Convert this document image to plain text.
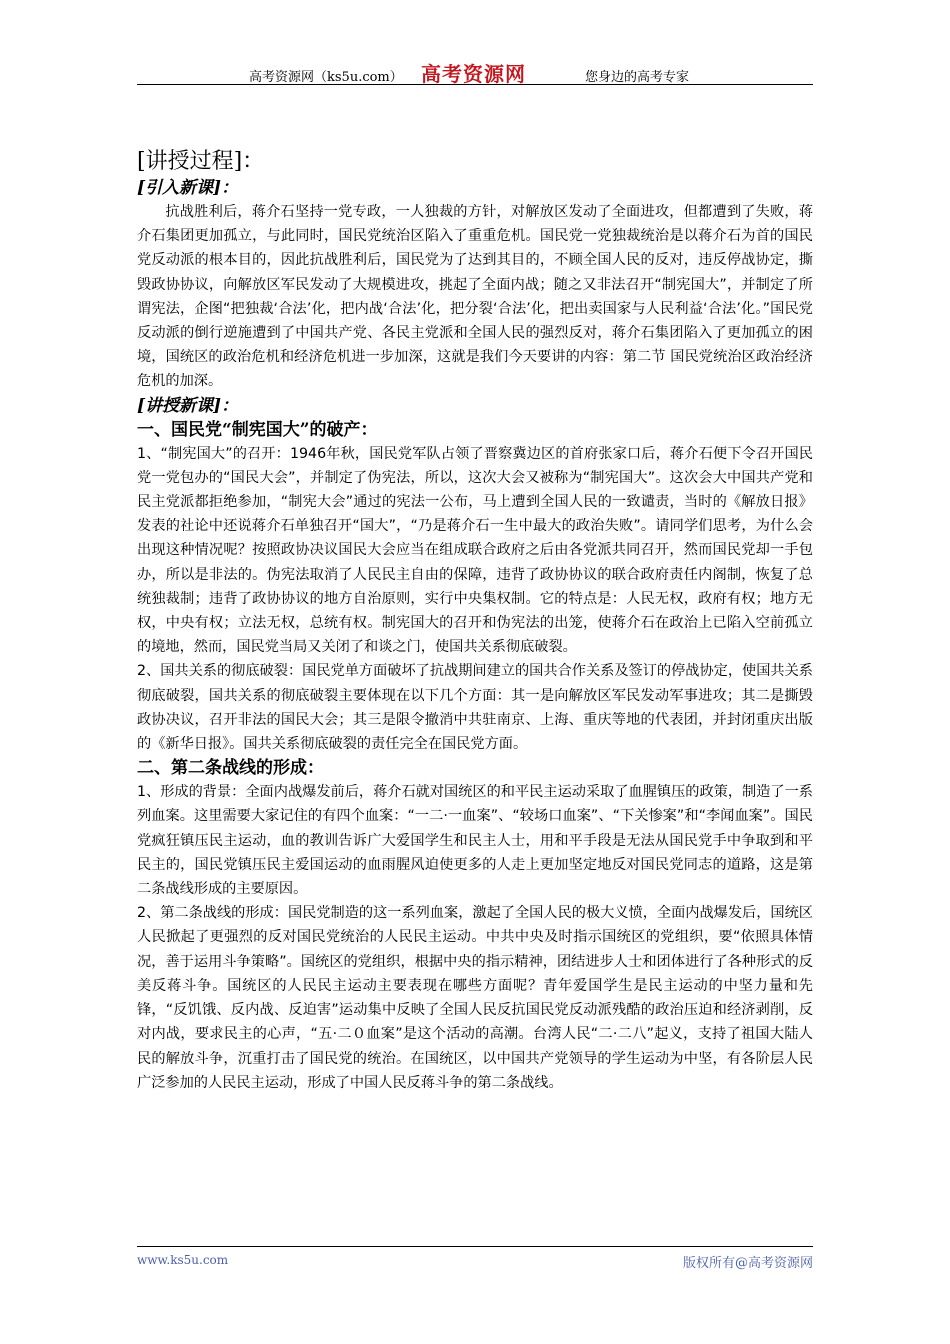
高考资源网（ks5u.com） 高考资源网	您身边的高考专家
[讲授过程]：
[引入新课]：

抗战胜利后，蒋介石坚持一党专政，一人独裁的方针，对解放区发动了全面进攻，但都遭到了失败，蒋介石集团更加孤立，与此同时，国民党统治区陷入了重重危机。国民党一党独裁统治是以蒋介石为首的国民党反动派的根本目的，因此抗战胜利后，国民党为了达到其目的，不顾全国人民的反对，违反停战协定，撕毁政协协议，向解放区军民发动了大规模进攻，挑起了全面内战；随之又非法召开“制宪国大”，并制定了所谓宪法，企图“把独裁‘合法’化，把内战‘合法’化，把分裂‘合法’化，把出卖国家与人民利益‘合法’化。”国民党反动派的倒行逆施遭到了中国共产党、各民主党派和全国人民的强烈反对，蒋介石集团陷入了更加孤立的困境，国统区的政治危机和经济危机进一步加深，这就是我们今天要讲的内容：第二节 国民党统治区政治经济危机的加深。

[讲授新课]：
一、国民党“制宪国大”的破产：

1、“制宪国大”的召开：1946年秋，国民党军队占领了晋察冀边区的首府张家口后，蒋介石便下令召开国民党一党包办的“国民大会”，并制定了伪宪法，所以，这次大会又被称为“制宪国大”。这次会大中国共产党和民主党派都拒绝参加，“制宪大会”通过的宪法一公布，马上遭到全国人民的一致谴责，当时的《解放日报》发表的社论中还说蒋介石单独召开“国大”，“乃是蒋介石一生中最大的政治失败”。请同学们思考，为什么会出现这种情况呢？按照政协决议国民大会应当在组成联合政府之后由各党派共同召开，然而国民党却一手包办，所以是非法的。伪宪法取消了人民民主自由的保障，违背了政协协议的联合政府责任内阁制，恢复了总统独裁制；违背了政协协议的地方自治原则，实行中央集权制。它的特点是：人民无权，政府有权；地方无权，中央有权；立法无权，总统有权。制宪国大的召开和伪宪法的出笼，使蒋介石在政治上已陷入空前孤立的境地，然而，国民党当局又关闭了和谈之门，使国共关系彻底破裂。

2、国共关系的彻底破裂：国民党单方面破坏了抗战期间建立的国共合作关系及签订的停战协定，使国共关系彻底破裂，国共关系的彻底破裂主要体现在以下几个方面：其一是向解放区军民发动军事进攻；其二是撕毁政协决议，召开非法的国民大会；其三是限令撤消中共驻南京、上海、重庆等地的代表团，并封闭重庆出版的《新华日报》。国共关系彻底破裂的责任完全在国民党方面。

二、第二条战线的形成：

1、形成的背景：全面内战爆发前后，蒋介石就对国统区的和平民主运动采取了血腥镇压的政策，制造了一系列血案。这里需要大家记住的有四个血案：“一二·一血案”、“较场口血案”、“下关惨案”和“李闻血案”。国民党疯狂镇压民主运动，血的教训告诉广大爱国学生和民主人士，用和平手段是无法从国民党手中争取到和平民主的，国民党镇压民主爱国运动的血雨腥风迫使更多的人走上更加坚定地反对国民党同志的道路，这是第二条战线形成的主要原因。

2、第二条战线的形成：国民党制造的这一系列血案，激起了全国人民的极大义愤，全面内战爆发后，国统区人民掀起了更强烈的反对国民党统治的人民民主运动。中共中央及时指示国统区的党组织，要“依照具体情况，善于运用斗争策略”。国统区的党组织，根据中央的指示精神，团结进步人士和团体进行了各种形式的反美反蒋斗争。国统区的人民民主运动主要表现在哪些方面呢？青年爱国学生是民主运动的中坚力量和先锋，“反饥饿、反内战、反迫害”运动集中反映了全国人民反抗国民党反动派残酷的政治压迫和经济剥削，反对内战，要求民主的心声，“五·二０血案”是这个活动的高潮。台湾人民“二·二八”起义，支持了祖国大陆人民的解放斗争，沉重打击了国民党的统治。在国统区，以中国共产党领导的学生运动为中坚，有各阶层人民广泛参加的人民民主运动，形成了中国人民反蒋斗争的第二条战线。

www.ks5u.com	版权所有@高考资源网
